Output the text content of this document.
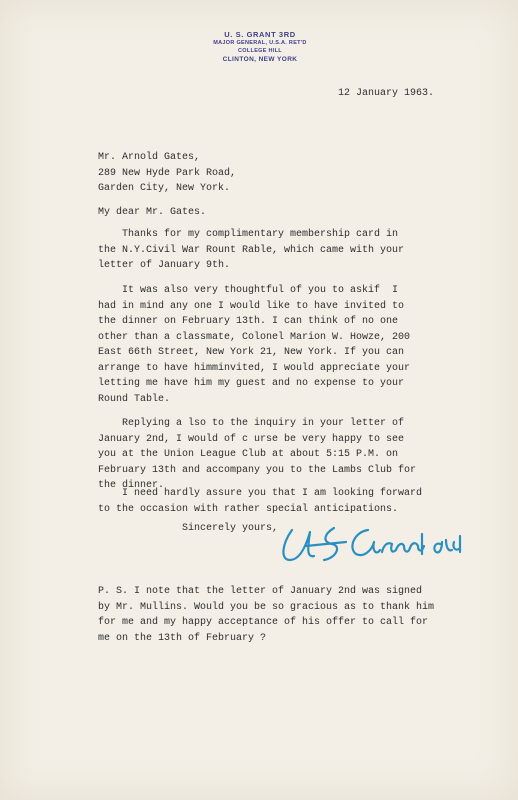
U. S. GRANT 3RD
MAJOR GENERAL, U.S.A. RET'D
COLLEGE HILL
CLINTON, NEW YORK
12 January 1963.
Mr. Arnold Gates,
289 New Hyde Park Road,
Garden City, New York.
My dear Mr. Gates.
Thanks for my complimentary membership card in
the N.Y.Civil War Rount Rable, which came with your
letter of January 9th.
It was also very thoughtful of you to askif  I
had in mind any one I would like to have invited to
the dinner on February 13th. I can think of no one
other than a classmate, Colonel Marion W. Howze, 200
East 66th Street, New York 21, New York. If you can
arrange to have himminvited, I would appreciate your
letting me have him my guest and no expense to your
Round Table.
Replying a lso to the inquiry in your letter of
January 2nd, I would of c urse be very happy to see
you at the Union League Club at about 5:15 P.M. on
February 13th and accompany you to the Lambs Club for
the dinner.
I need hardly assure you that I am looking forward
to the occasion with rather special anticipations.
Sincerely yours,
P. S. I note that the letter of January 2nd was signed
by Mr. Mullins. Would you be so gracious as to thank him
for me and my happy acceptance of his offer to call for
me on the 13th of February ?
